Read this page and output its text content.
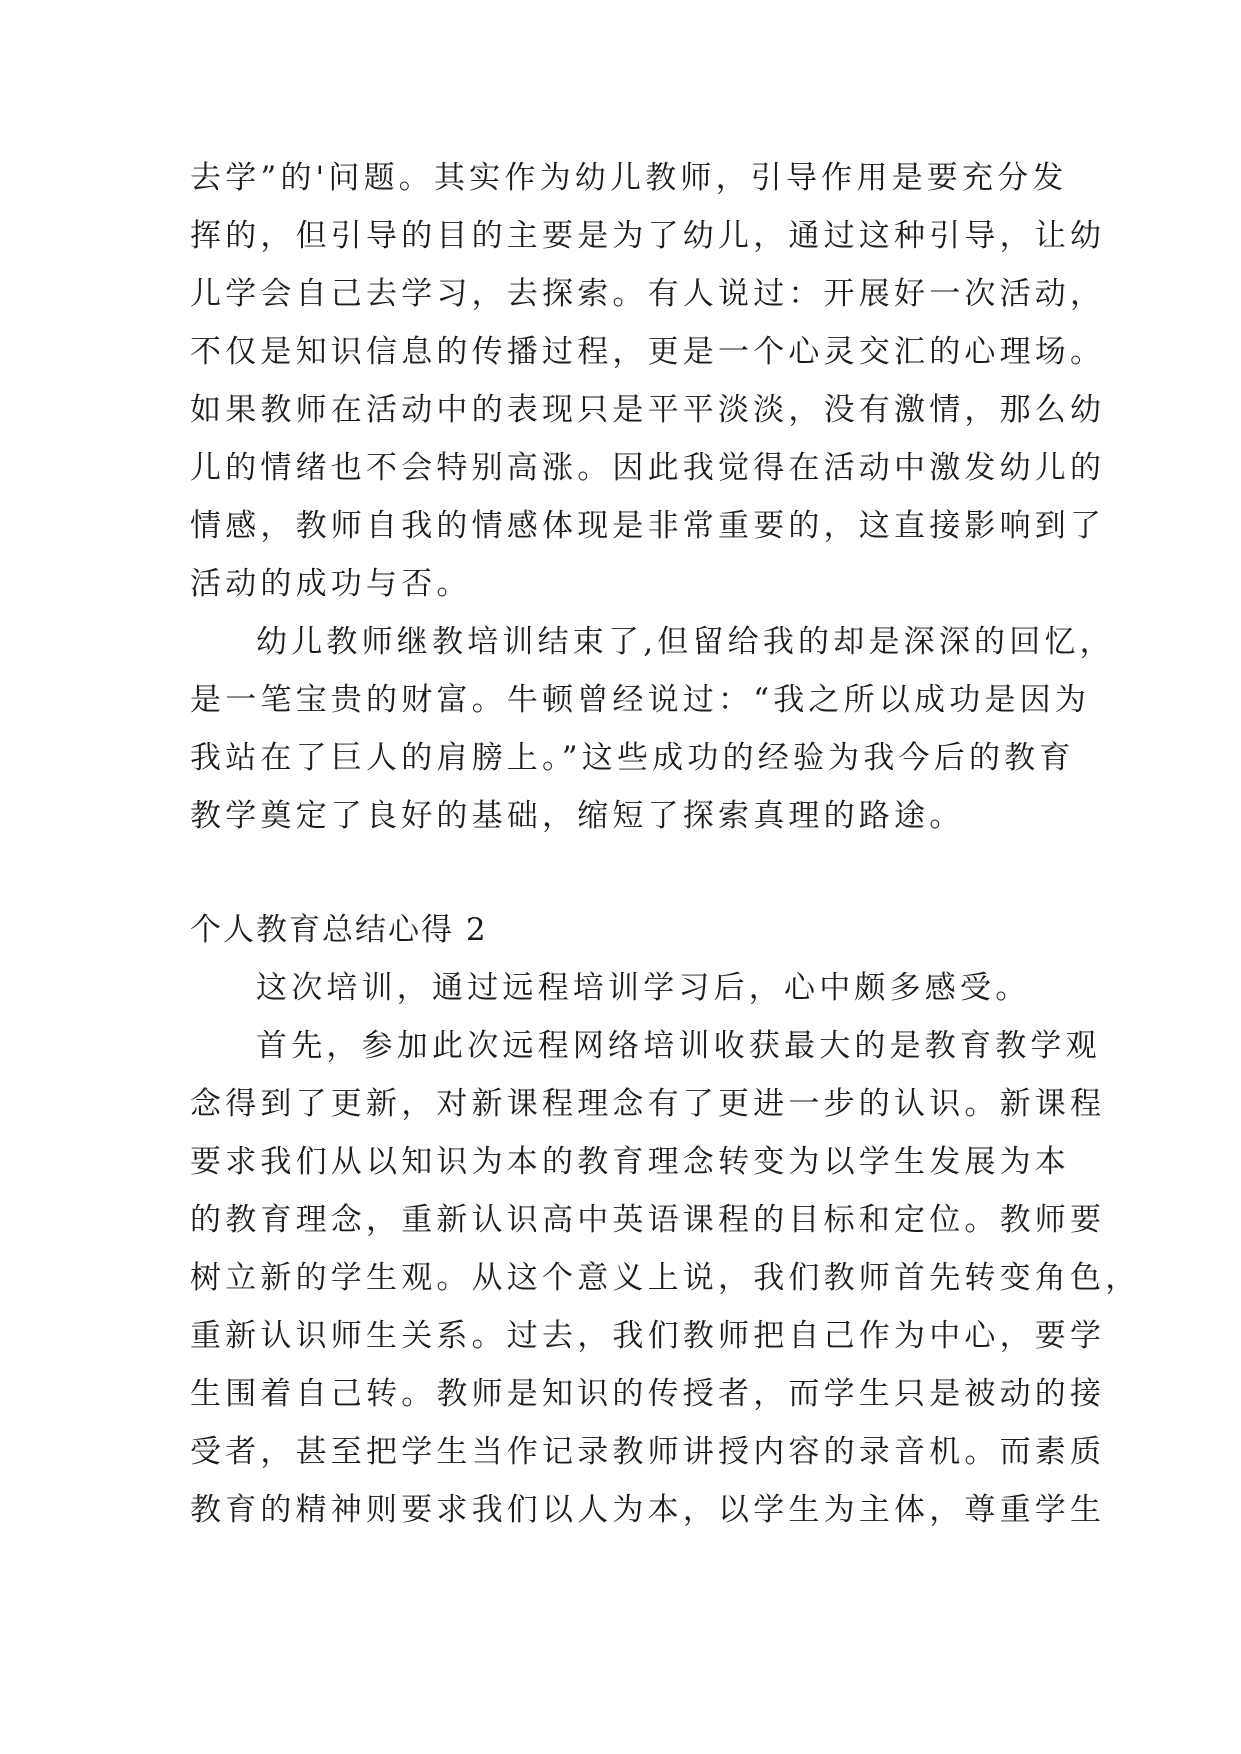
去学”的'问题。其实作为幼儿教师，引导作用是要充分发
挥的，但引导的目的主要是为了幼儿，通过这种引导，让幼
儿学会自己去学习，去探索。有人说过：开展好一次活动，
不仅是知识信息的传播过程，更是一个心灵交汇的心理场。
如果教师在活动中的表现只是平平淡淡，没有激情，那么幼
儿的情绪也不会特别高涨。因此我觉得在活动中激发幼儿的
情感，教师自我的情感体现是非常重要的，这直接影响到了
活动的成功与否。
幼儿教师继教培训结束了,但留给我的却是深深的回忆，
是一笔宝贵的财富。牛顿曾经说过：“我之所以成功是因为
我站在了巨人的肩膀上。”这些成功的经验为我今后的教育
教学奠定了良好的基础，缩短了探索真理的路途。
个人教育总结心得 2
这次培训，通过远程培训学习后，心中颇多感受。
首先，参加此次远程网络培训收获最大的是教育教学观
念得到了更新，对新课程理念有了更进一步的认识。新课程
要求我们从以知识为本的教育理念转变为以学生发展为本
的教育理念，重新认识高中英语课程的目标和定位。教师要
树立新的学生观。从这个意义上说，我们教师首先转变角色，
重新认识师生关系。过去，我们教师把自己作为中心，要学
生围着自己转。教师是知识的传授者，而学生只是被动的接
受者，甚至把学生当作记录教师讲授内容的录音机。而素质
教育的精神则要求我们以人为本，以学生为主体，尊重学生
